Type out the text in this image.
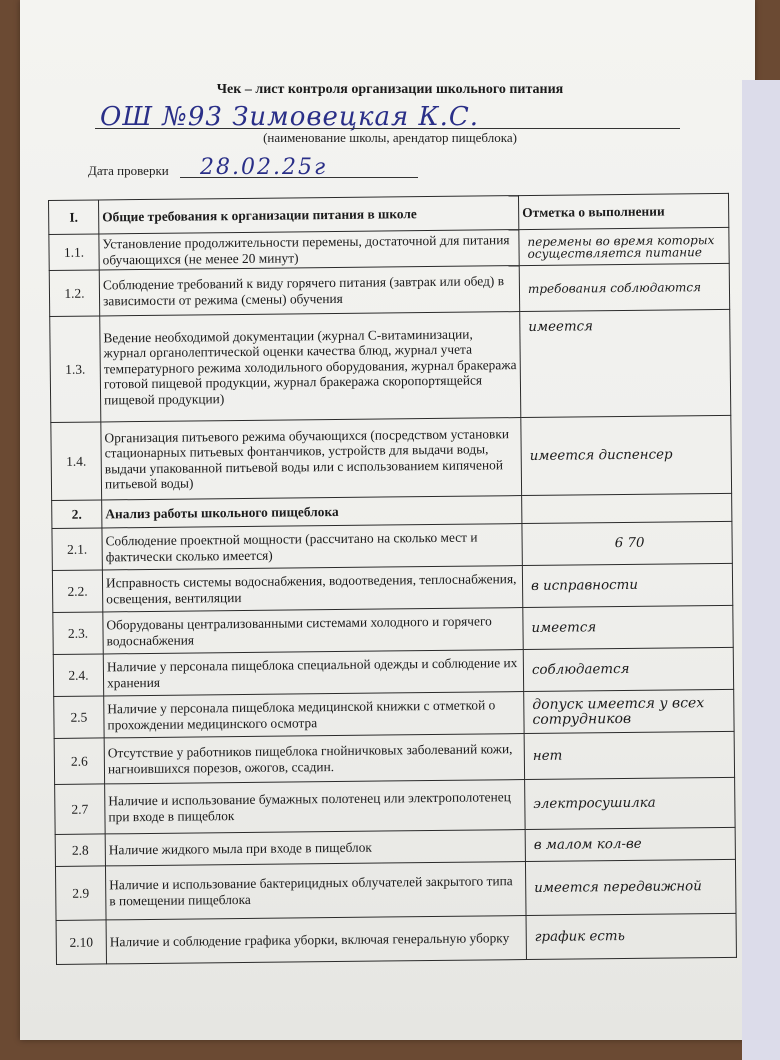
Чек – лист контроля организации школьного питания
ОШ №93 Зимовецкая К.С.
(наименование школы, арендатор пищеблока)
Дата проверки 28.02.25г
I.	Общие требования к организации питания в школе	Отметка о выполнении
1.1.	Установление продолжительности перемены, достаточной для питания обучающихся (не менее 20 минут)	перемены во время которых осуществляется питание
1.2.	Соблюдение требований к виду горячего питания (завтрак или обед) в зависимости от режима (смены) обучения	требования соблюдаются
1.3.	Ведение необходимой документации (журнал С-витаминизации, журнал органолептической оценки качества блюд, журнал учета температурного режима холодильного оборудования, журнал бракеража готовой пищевой продукции, журнал бракеража скоропортящейся пищевой продукции)	имеется
1.4.	Организация питьевого режима обучающихся (посредством установки стационарных питьевых фонтанчиков, устройств для выдачи воды, выдачи упакованной питьевой воды или с использованием кипяченой питьевой воды)	имеется диспенсер
2.	Анализ работы школьного пищеблока	
2.1.	Соблюдение проектной мощности (рассчитано на сколько мест и фактически сколько имеется)	6 70
2.2.	Исправность системы водоснабжения, водоотведения, теплоснабжения, освещения, вентиляции	в исправности
2.3.	Оборудованы централизованными системами холодного и горячего водоснабжения	имеется
2.4.	Наличие у персонала пищеблока специальной одежды и соблюдение их хранения	соблюдается
2.5	Наличие у персонала пищеблока медицинской книжки с отметкой о прохождении медицинского осмотра	допуск имеется у всех сотрудников
2.6	Отсутствие у работников пищеблока гнойничковых заболеваний кожи, нагноившихся порезов, ожогов, ссадин.	нет
2.7	Наличие и использование бумажных полотенец или электрополотенец при входе в пищеблок	электросушилка
2.8	Наличие жидкого мыла при входе в пищеблок	в малом кол-ве
2.9	Наличие и использование бактерицидных облучателей закрытого типа в помещении пищеблока	имеется передвижной
2.10	Наличие и соблюдение графика уборки, включая генеральную уборку	график есть
